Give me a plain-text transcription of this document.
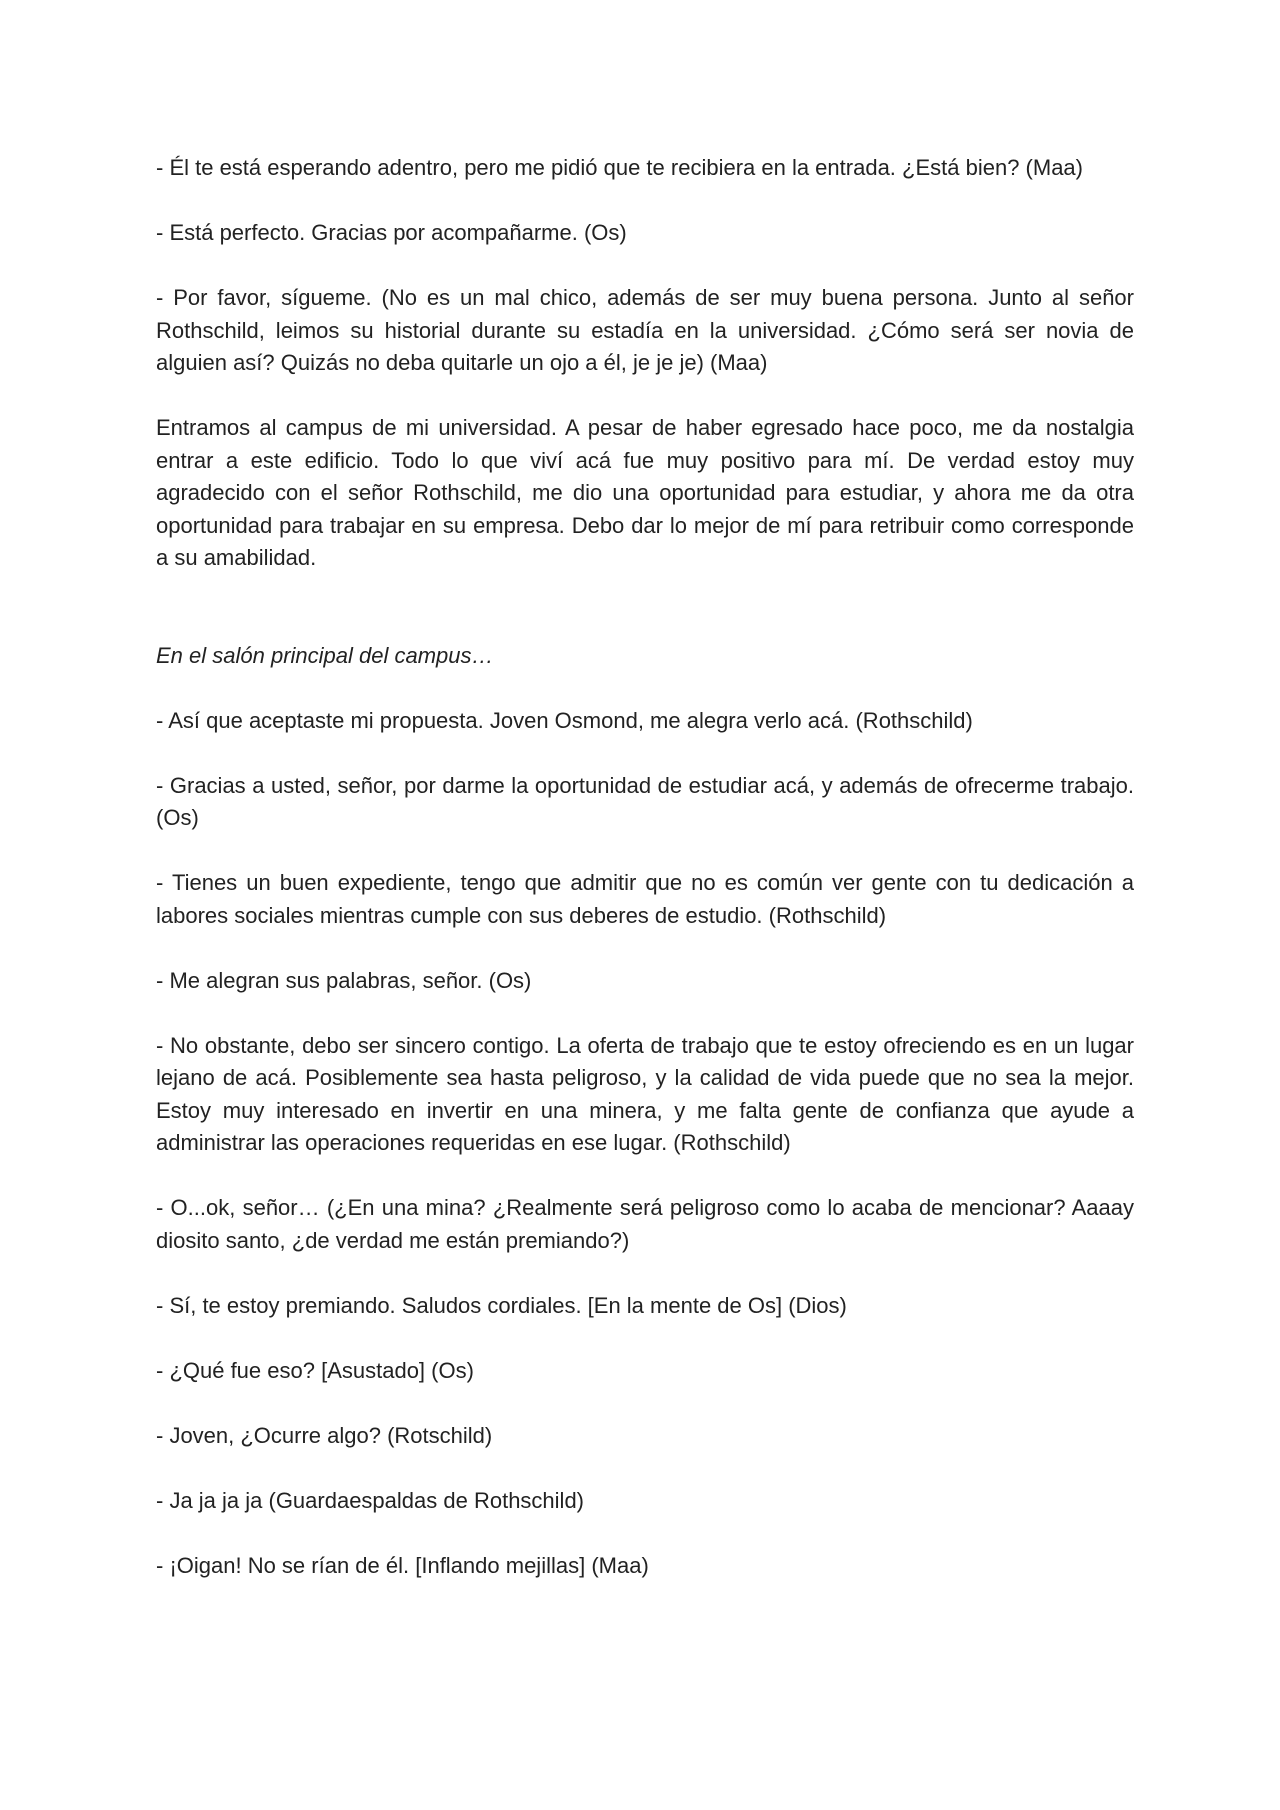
- Él te está esperando adentro, pero me pidió que te recibiera en la entrada. ¿Está bien? (Maa)

- Está perfecto. Gracias por acompañarme. (Os)

- Por favor, sígueme. (No es un mal chico, además de ser muy buena persona. Junto al señor Rothschild, leimos su historial durante su estadía en la universidad. ¿Cómo será ser novia de alguien así? Quizás no deba quitarle un ojo a él, je je je) (Maa)

Entramos al campus de mi universidad. A pesar de haber egresado hace poco, me da nostalgia entrar a este edificio. Todo lo que viví acá fue muy positivo para mí. De verdad estoy muy agradecido con el señor Rothschild, me dio una oportunidad para estudiar, y ahora me da otra oportunidad para trabajar en su empresa. Debo dar lo mejor de mí para retribuir como corresponde a su amabilidad.

En el salón principal del campus…

- Así que aceptaste mi propuesta. Joven Osmond, me alegra verlo acá. (Rothschild)

- Gracias a usted, señor, por darme la oportunidad de estudiar acá, y además de ofrecerme trabajo. (Os)

- Tienes un buen expediente, tengo que admitir que no es común ver gente con tu dedicación a labores sociales mientras cumple con sus deberes de estudio. (Rothschild)

- Me alegran sus palabras, señor. (Os)

- No obstante, debo ser sincero contigo. La oferta de trabajo que te estoy ofreciendo es en un lugar lejano de acá. Posiblemente sea hasta peligroso, y la calidad de vida puede que no sea la mejor. Estoy muy interesado en invertir en una minera, y me falta gente de confianza que ayude a administrar las operaciones requeridas en ese lugar. (Rothschild)

- O...ok, señor… (¿En una mina? ¿Realmente será peligroso como lo acaba de mencionar? Aaaay diosito santo, ¿de verdad me están premiando?)

- Sí, te estoy premiando. Saludos cordiales. [En la mente de Os] (Dios)

- ¿Qué fue eso? [Asustado] (Os)

- Joven, ¿Ocurre algo? (Rotschild)

- Ja ja ja ja (Guardaespaldas de Rothschild)

- ¡Oigan! No se rían de él. [Inflando mejillas] (Maa)
